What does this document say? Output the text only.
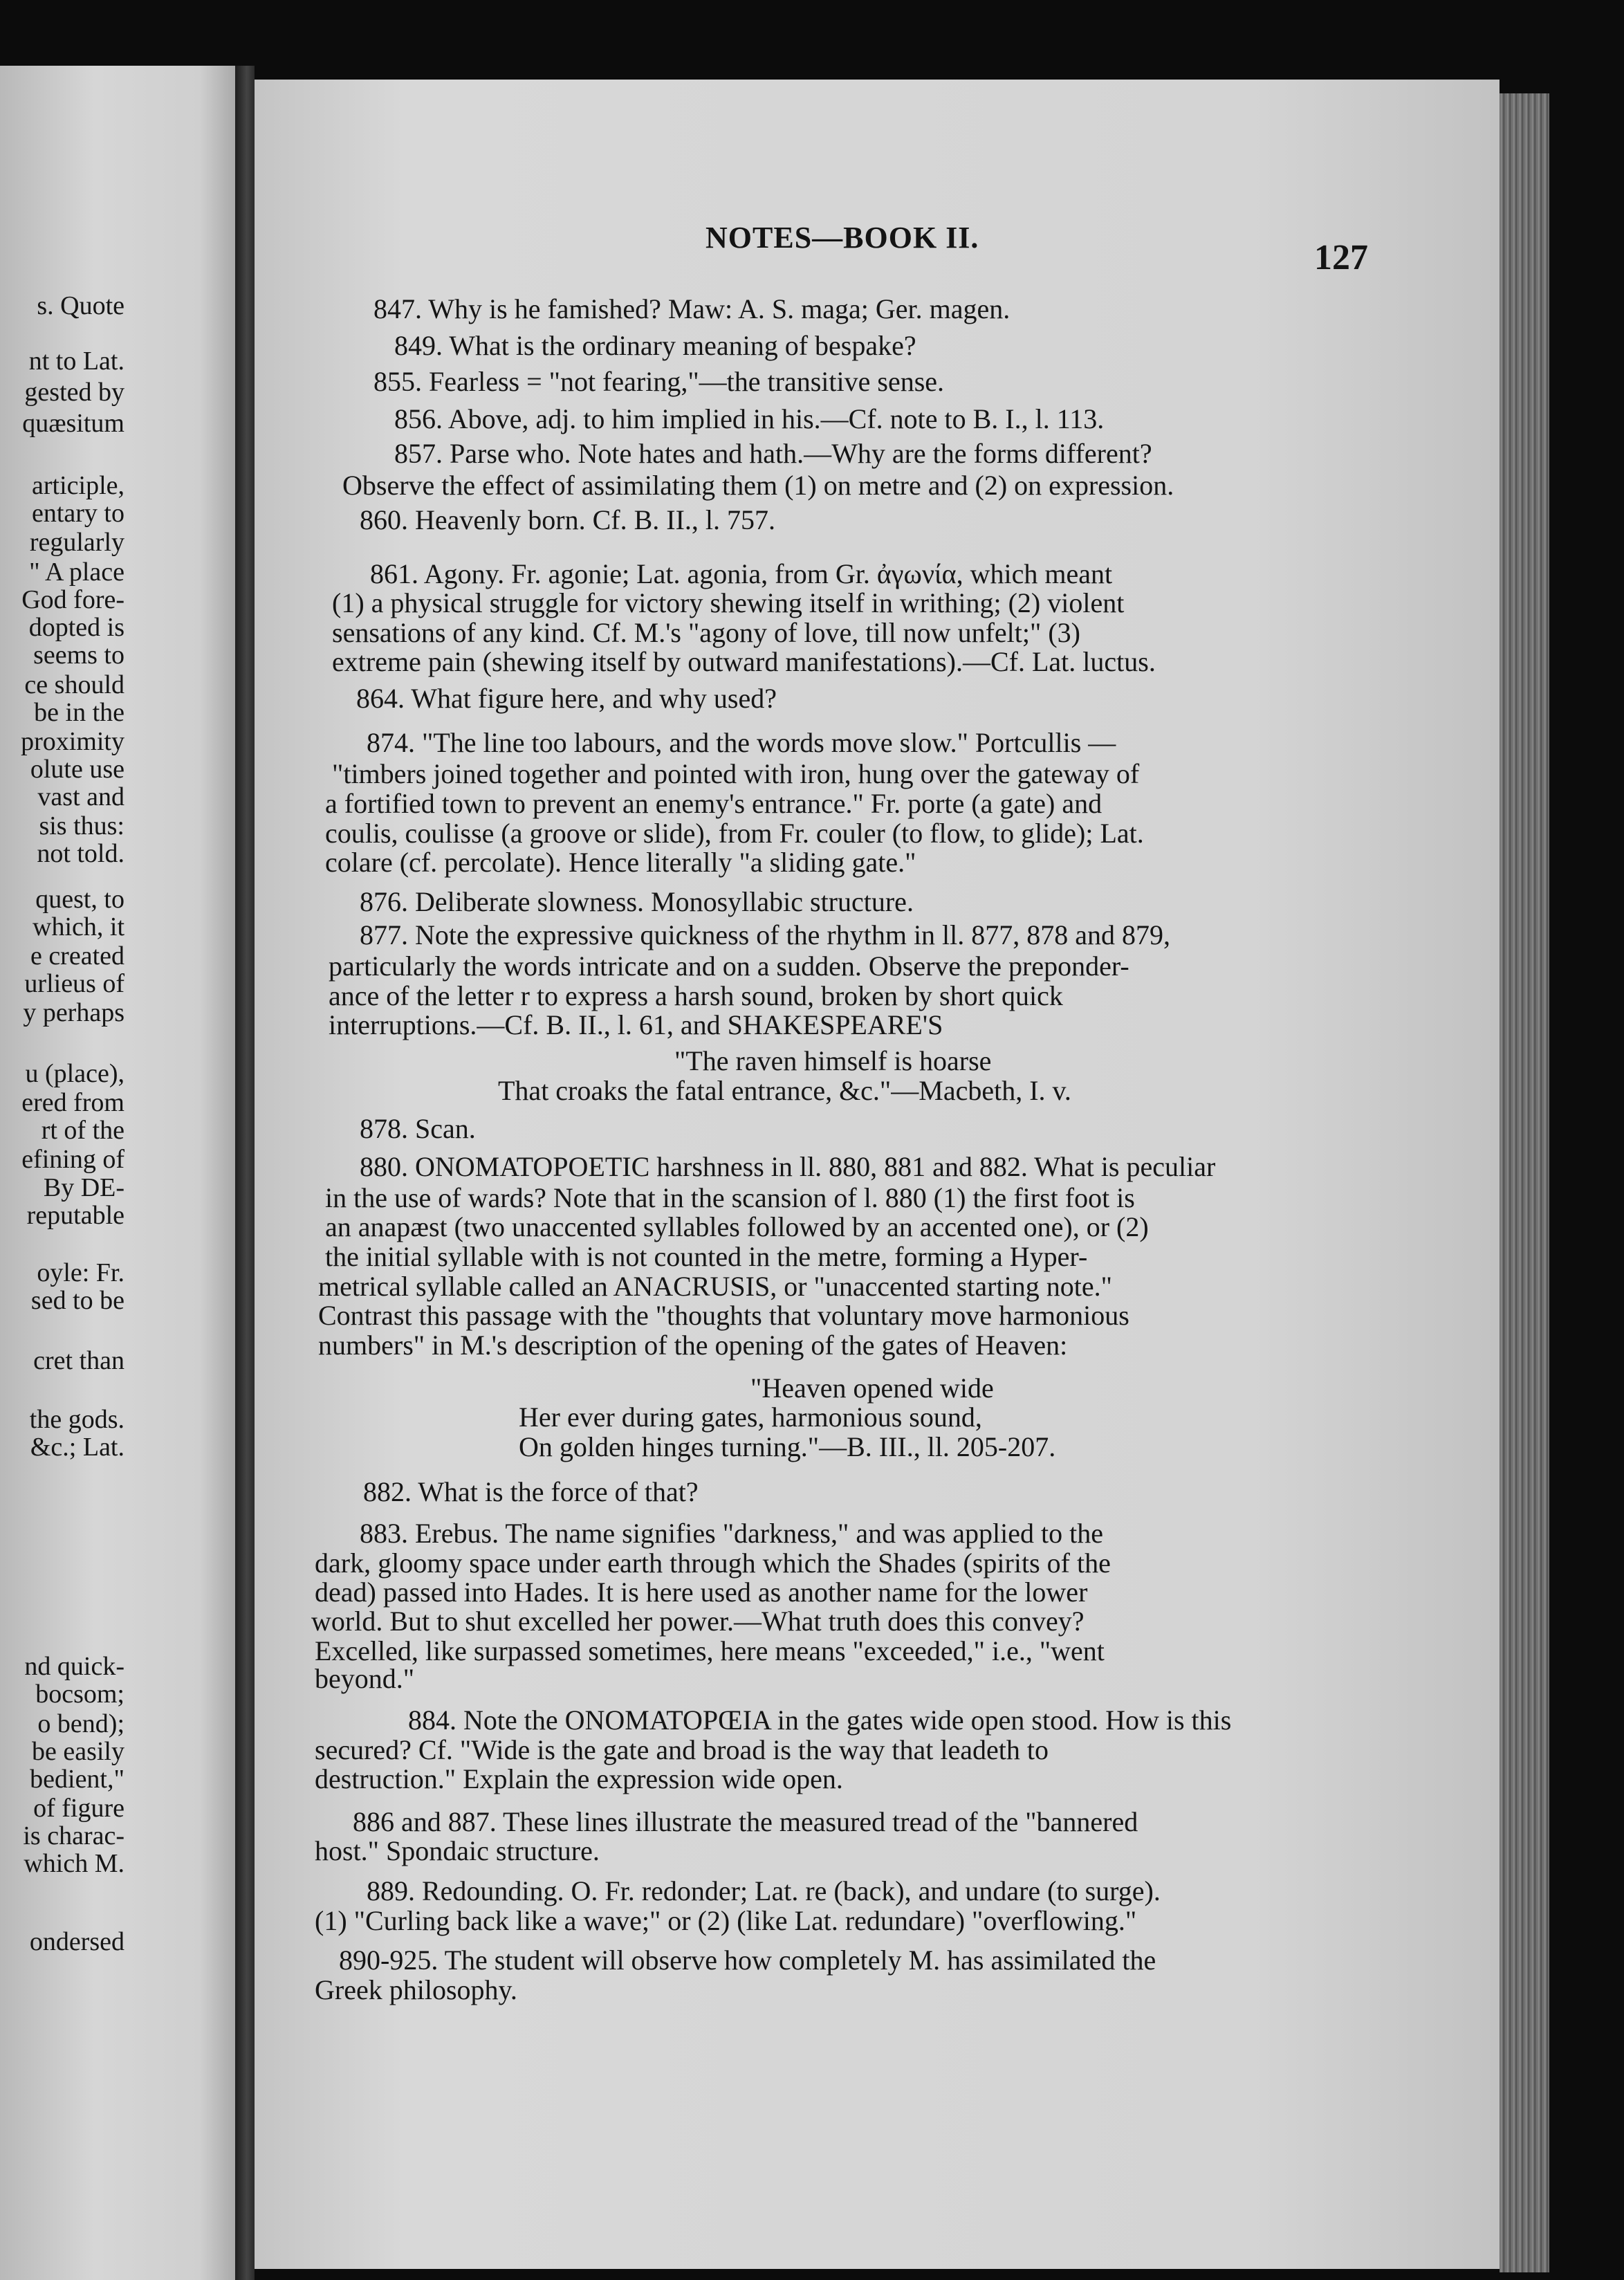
NOTES—BOOK II.
127
s. Quote
nt to Lat.
gested by
quæsitum
articiple,
entary to
regularly
" A place
God fore-
dopted is
seems to
ce should
be in the
proximity
olute use
vast and
sis thus:
not told.
quest, to
which, it
e created
urlieus of
y perhaps
u (place),
ered from
rt of the
efining of
By DE-
reputable
oyle: Fr.
sed to be
cret than
the gods.
&c.; Lat.
nd quick-
bocsom;
o bend);
be easily
bedient,"
of figure
is charac-
which M.
ondersed
847. Why is he famished? Maw: A. S. maga; Ger. magen.
849. What is the ordinary meaning of bespake?
855. Fearless = "not fearing,"—the transitive sense.
856. Above, adj. to him implied in his.—Cf. note to B. I., l. 113.
857. Parse who. Note hates and hath.—Why are the forms different?
Observe the effect of assimilating them (1) on metre and (2) on expression.
860. Heavenly born. Cf. B. II., l. 757.
861. Agony. Fr. agonie; Lat. agonia, from Gr. ἀγωνία, which meant
(1) a physical struggle for victory shewing itself in writhing; (2) violent
sensations of any kind. Cf. M.'s "agony of love, till now unfelt;" (3)
extreme pain (shewing itself by outward manifestations).—Cf. Lat. luctus.
864. What figure here, and why used?
874. "The line too labours, and the words move slow." Portcullis —
"timbers joined together and pointed with iron, hung over the gateway of
a fortified town to prevent an enemy's entrance." Fr. porte (a gate) and
coulis, coulisse (a groove or slide), from Fr. couler (to flow, to glide); Lat.
colare (cf. percolate). Hence literally "a sliding gate."
876. Deliberate slowness. Monosyllabic structure.
877. Note the expressive quickness of the rhythm in ll. 877, 878 and 879,
particularly the words intricate and on a sudden. Observe the preponder-
ance of the letter r to express a harsh sound, broken by short quick
interruptions.—Cf. B. II., l. 61, and SHAKESPEARE'S
"The raven himself is hoarse
That croaks the fatal entrance, &c."—Macbeth, I. v.
878. Scan.
880. ONOMATOPOETIC harshness in ll. 880, 881 and 882. What is peculiar
in the use of wards? Note that in the scansion of l. 880 (1) the first foot is
an anapæst (two unaccented syllables followed by an accented one), or (2)
the initial syllable with is not counted in the metre, forming a Hyper-
metrical syllable called an ANACRUSIS, or "unaccented starting note."
Contrast this passage with the "thoughts that voluntary move harmonious
numbers" in M.'s description of the opening of the gates of Heaven:
"Heaven opened wide
Her ever during gates, harmonious sound,
On golden hinges turning."—B. III., ll. 205-207.
882. What is the force of that?
883. Erebus. The name signifies "darkness," and was applied to the
dark, gloomy space under earth through which the Shades (spirits of the
dead) passed into Hades. It is here used as another name for the lower
world. But to shut excelled her power.—What truth does this convey?
Excelled, like surpassed sometimes, here means "exceeded," i.e., "went
beyond."
884. Note the ONOMATOPŒIA in the gates wide open stood. How is this
secured? Cf. "Wide is the gate and broad is the way that leadeth to
destruction." Explain the expression wide open.
886 and 887. These lines illustrate the measured tread of the "bannered
host." Spondaic structure.
889. Redounding. O. Fr. redonder; Lat. re (back), and undare (to surge).
(1) "Curling back like a wave;" or (2) (like Lat. redundare) "overflowing."
890-925. The student will observe how completely M. has assimilated the
Greek philosophy.
